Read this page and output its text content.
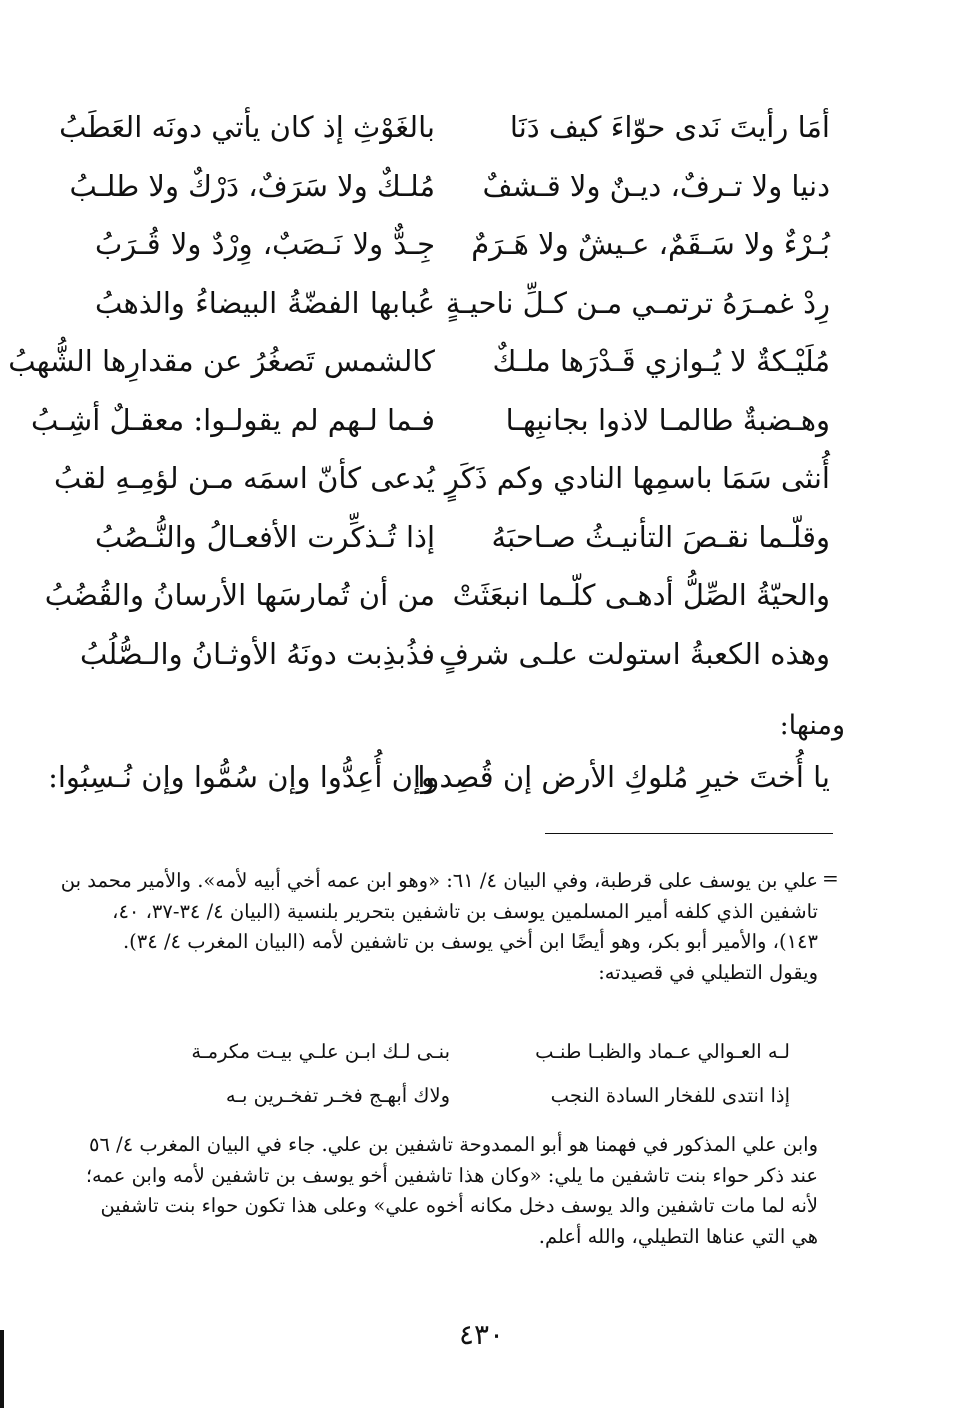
أمَا رأيتَ نَدى حوّاءَ كيف دَنَا
بالغَوْثِ إذ كان يأتي دونَه العَطَبُ
دنيا ولا تـرفٌ، ديـنٌ ولا قـشفٌ
مُلـكٌ ولا سَرَفٌ، دَرْكٌ ولا طلـبُ
بُـرْءٌ ولا سَـقَمٌ، عـيشٌ ولا هَـرَمٌ
جِـدٌّ ولا نَـصَبٌ، وِرْدٌ ولا قُـرَبُ
رِدْ غمـرَهُ ترتمـي مـن كـلِّ ناحيـةٍ
عُبابها الفضّةُ البيضاءُ والذهبُ
مُلَيْـكةٌ لا يُـوازي قَـدْرَها ملـكٌ
كالشمس تَصغُرُ عن مقدارِها الشُّهبُ
وهـضبةٌ طالمـا لاذوا بجانبِهـا
فـما لـهم لم يقولـوا: معقـلٌ أشِـبُ
أُنثى سَمَا باسمِها النادي وكم ذَكَرٍ
يُدعى كأنّ اسمَه مـن لؤمِـهِ لقبُ
وقلّـما نقـصَ التأنيـثُ صـاحبَهُ
إذا تُـذكِّرت الأفعـالُ والنُّـصُبُ
والحيّةُ الصِّلُّ أدهـى كلّـما انبعَثَتْ
من أن تُمارسَها الأرسانُ والقُضُبُ
وهذه الكعبةُ استولت علـى شرفٍ
فذُبذِبت دونَهُ الأوثـانُ والـصُّلُبُ
ومنها:
يا أُختَ خيرِ مُلوكِ الأرض إن قُصِدوا
وإن أُعِدُّوا وإن سُمُّوا وإن نُـسِبُوا:
=
علي بن يوسف على قرطبة، وفي البيان ٤/ ٦١: «وهو ابن عمه أخي أبيه لأمه». والأمير محمد بن
تاشفين الذي كلفه أمير المسلمين يوسف بن تاشفين بتحرير بلنسية (البيان ٤/ ٣٤-٣٧، ٤٠،
١٤٣)، والأمير أبو بكر، وهو أيضًا ابن أخي يوسف بن تاشفين لأمه (البيان المغرب ٤/ ٣٤).
ويقول التطيلي في قصيدته:
بنـى لـك ابـن علـي بيـت مكرمـة	لـه العـوالي عـماد والظبـا طنـب
ولاك أبهـج فخـر تفخـرين بـه	إذا انتدى للفخار السادة النجب
وابن علي المذكور في فهمنا هو أبو الممدوحة تاشفين بن علي. جاء في البيان المغرب ٤/ ٥٦
عند ذكر حواء بنت تاشفين ما يلي: «وكان هذا تاشفين أخو يوسف بن تاشفين لأمه وابن عمه؛
لأنه لما مات تاشفين والد يوسف دخل مكانه أخوه علي» وعلى هذا تكون حواء بنت تاشفين
هي التي عناها التطيلي، والله أعلم.
٤٣٠
